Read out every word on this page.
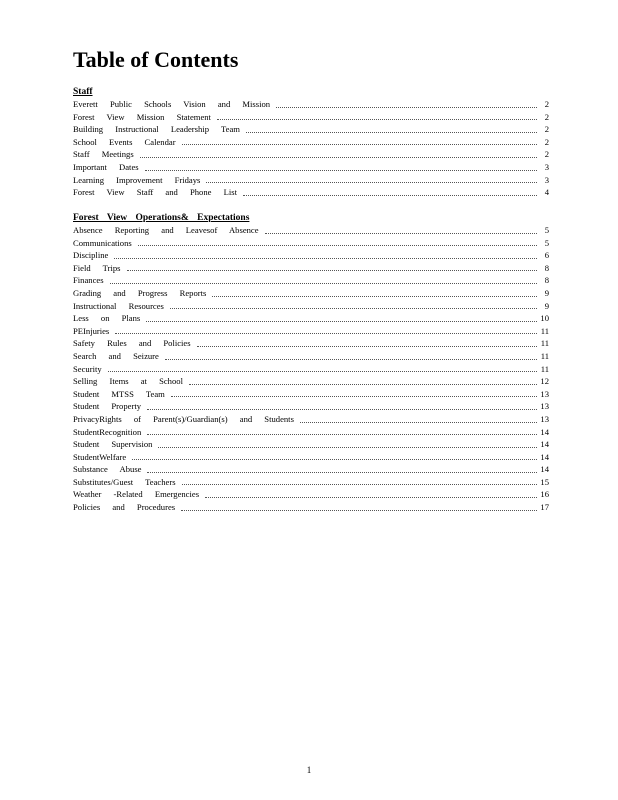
Table of Contents
Staff
Everett Public Schools Vision and Mission	2
Forest View Mission Statement	2
Building Instructional Leadership Team	2
School Events Calendar	2
Staff Meetings	2
Important Dates	3
Learning Improvement Fridays	3
Forest View Staff and Phone List	4
Forest View Operations& Expectations
Absence Reporting and Leavesof Absence	5
Communications	5
Discipline	6
Field Trips	8
Finances	8
Grading and Progress Reports	9
Instructional Resources	9
Less on Plans	10
PEInjuries	11
Safety Rules and Policies	11
Search and Seizure	11
Security	11
Selling Items at School	12
Student MTSS Team	13
Student Property	13
PrivacyRights of Parent(s)/Guardian(s) and Students	13
StudentRecognition	14
Student Supervision	14
StudentWelfare	14
Substance Abuse	14
Substitutes/Guest Teachers	15
Weather -Related Emergencies	16
Policies and Procedures	17
1
